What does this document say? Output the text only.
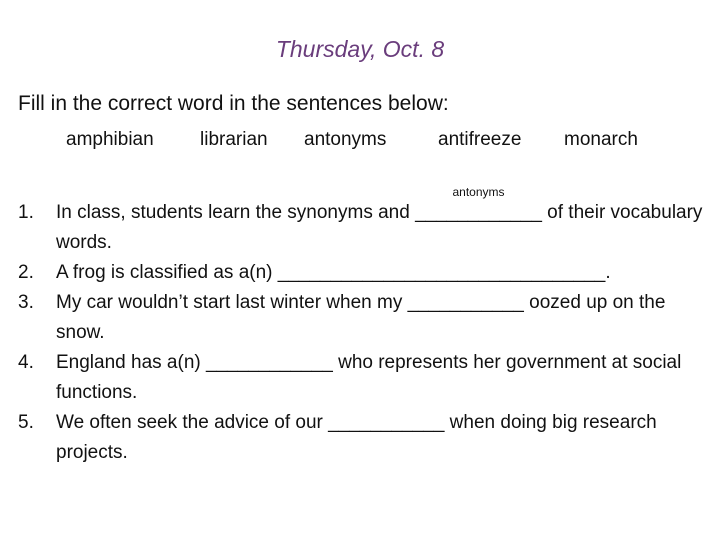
Thursday, Oct. 8
Fill in the correct word in the sentences below:
amphibian librarian antonyms	antifreeze monarch
1. In class, students learn the synonyms and
antonyms
____________ of their vocabulary words.
2. A frog is classified as a(n) _______________________________.
3. My car wouldn’t start last winter when my ___________ oozed up on the snow.
4. England has a(n) ____________ who represents her government at social functions.
5. We often seek the advice of our ___________ when doing big research projects.
